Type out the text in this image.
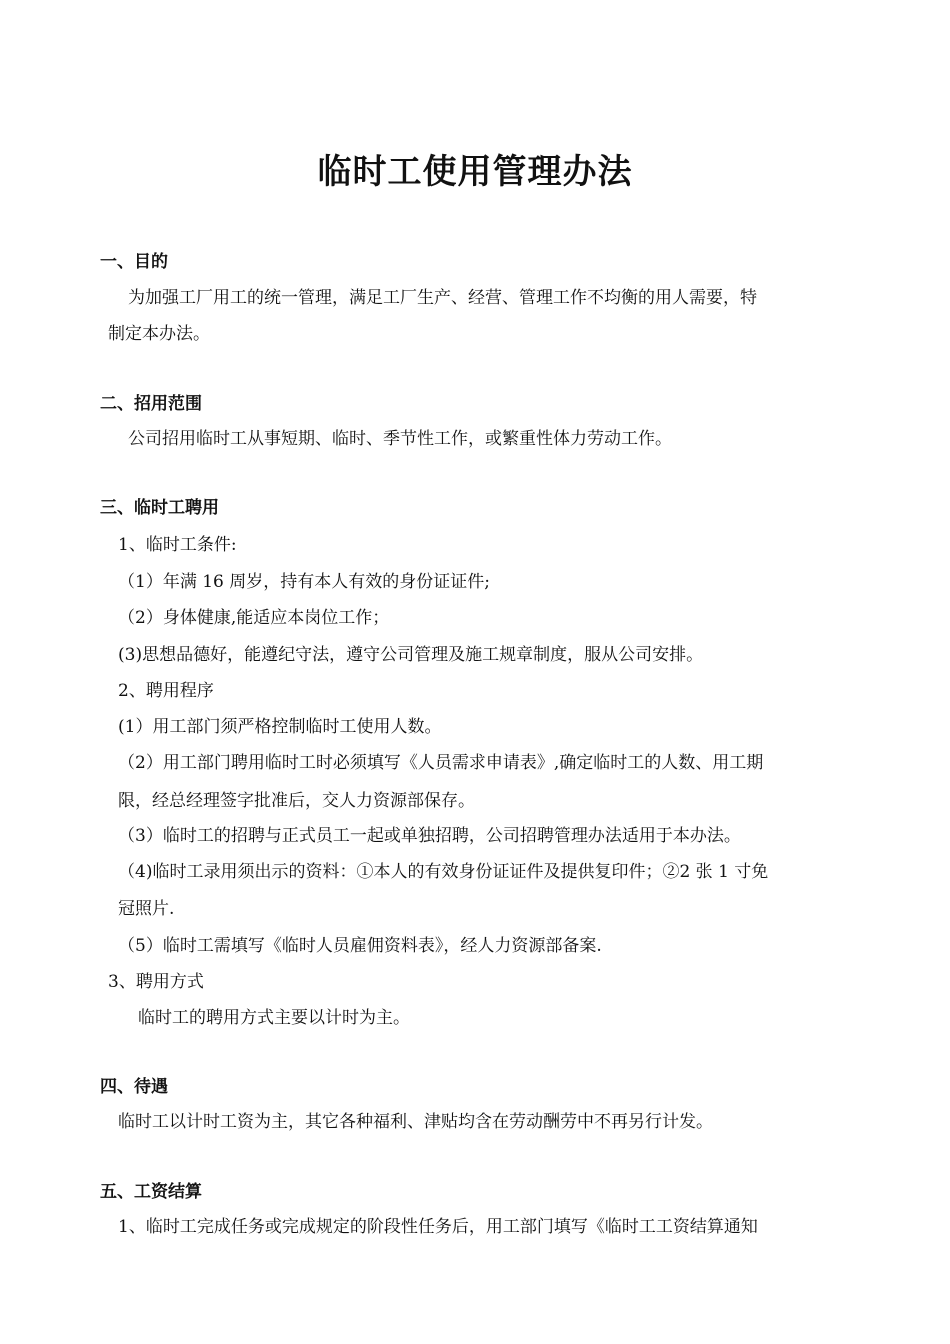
临时工使用管理办法
一、目的
为加强工厂用工的统一管理，满足工厂生产、经营、管理工作不均衡的用人需要，特
制定本办法。
二、招用范围
公司招用临时工从事短期、临时、季节性工作，或繁重性体力劳动工作。
三、临时工聘用
1、临时工条件:
（1）年满 16 周岁，持有本人有效的身份证证件;
（2）身体健康,能适应本岗位工作；
(3)思想品德好，能遵纪守法，遵守公司管理及施工规章制度，服从公司安排。
2、聘用程序
(1）用工部门须严格控制临时工使用人数。
（2）用工部门聘用临时工时必须填写《人员需求申请表》,确定临时工的人数、用工期
限，经总经理签字批准后，交人力资源部保存。
（3）临时工的招聘与正式员工一起或单独招聘，公司招聘管理办法适用于本办法。
（4)临时工录用须出示的资料：①本人的有效身份证证件及提供复印件；②2 张 1 寸免
冠照片.
（5）临时工需填写《临时人员雇佣资料表》，经人力资源部备案.
3、聘用方式
临时工的聘用方式主要以计时为主。
四、待遇
临时工以计时工资为主，其它各种福利、津贴均含在劳动酬劳中不再另行计发。
五、工资结算
1、临时工完成任务或完成规定的阶段性任务后，用工部门填写《临时工工资结算通知
